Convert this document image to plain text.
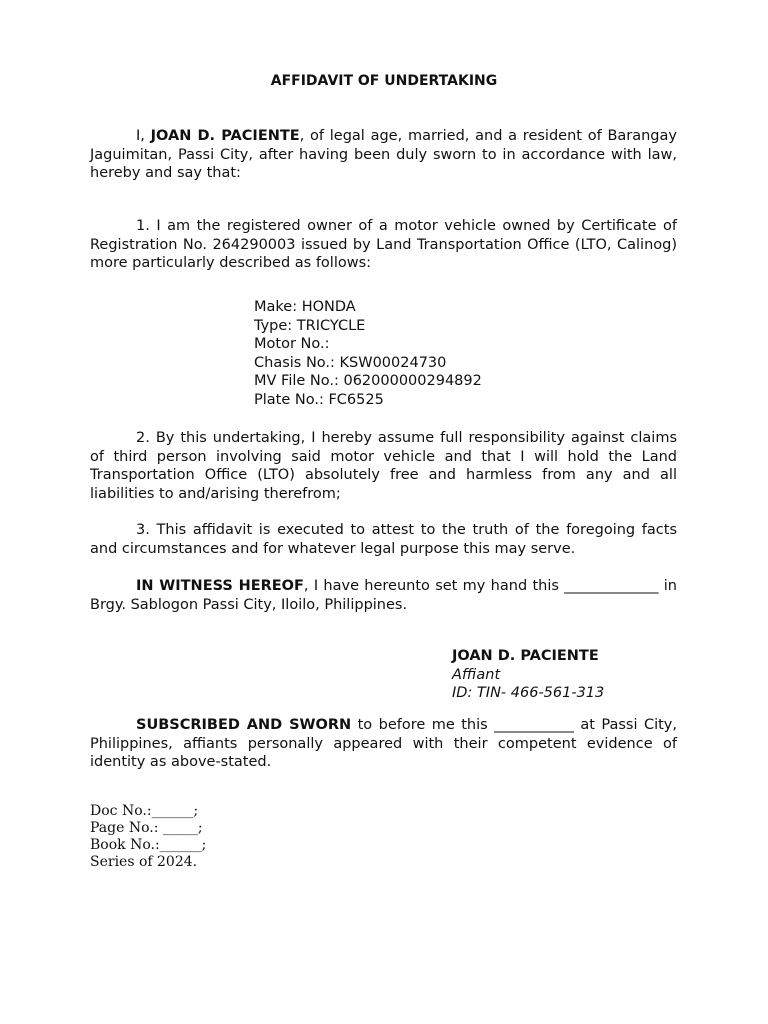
AFFIDAVIT OF UNDERTAKING
I, JOAN D. PACIENTE, of legal age, married, and a resident of Barangay Jaguimitan, Passi City, after having been duly sworn to in accordance with law, hereby and say that:
1. I am the registered owner of a motor vehicle owned by Certificate of Registration No. 264290003 issued by Land Transportation Office (LTO, Calinog) more particularly described as follows:
Make: HONDA
Type: TRICYCLE
Motor No.:
Chasis No.: KSW00024730
MV File No.: 062000000294892
Plate No.: FC6525
2. By this undertaking, I hereby assume full responsibility against claims of third person involving said motor vehicle and that I will hold the Land Transportation Office (LTO) absolutely free and harmless from any and all liabilities to and/arising therefrom;
3. This affidavit is executed to attest to the truth of the foregoing facts and circumstances and for whatever legal purpose this may serve.
IN WITNESS HEREOF, I have hereunto set my hand this _____________ in Brgy. Sablogon Passi City, Iloilo, Philippines.
JOAN D. PACIENTE
Affiant
ID: TIN- 466-561-313
SUBSCRIBED AND SWORN to before me this ___________ at Passi City, Philippines, affiants personally appeared with their competent evidence of identity as above-stated.
Doc No.:______;
Page No.: _____;
Book No.:______;
Series of 2024.
